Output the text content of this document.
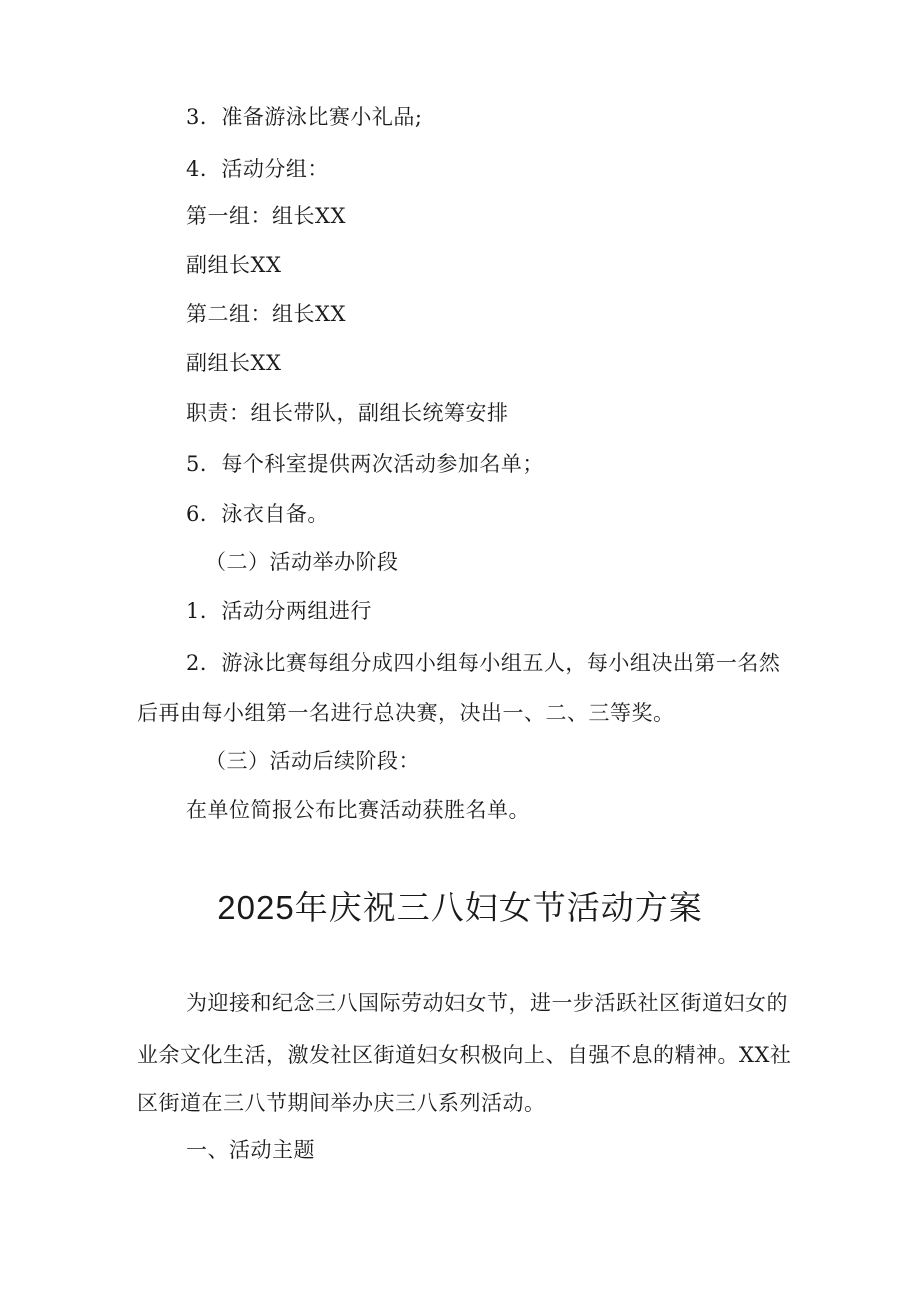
3．准备游泳比赛小礼品;
4．活动分组：
第一组：组长XX
副组长XX
第二组：组长XX
副组长XX
职责：组长带队，副组长统筹安排
5．每个科室提供两次活动参加名单；
6．泳衣自备。
（二）活动举办阶段
1．活动分两组进行
2．游泳比赛每组分成四小组每小组五人，每小组决出第一名然
后再由每小组第一名进行总决赛，决出一、二、三等奖。
（三）活动后续阶段：
在单位简报公布比赛活动获胜名单。
2025年庆祝三八妇女节活动方案
为迎接和纪念三八国际劳动妇女节，进一步活跃社区街道妇女的
业余文化生活，激发社区街道妇女积极向上、自强不息的精神。XX社
区街道在三八节期间举办庆三八系列活动。
一、活动主题
